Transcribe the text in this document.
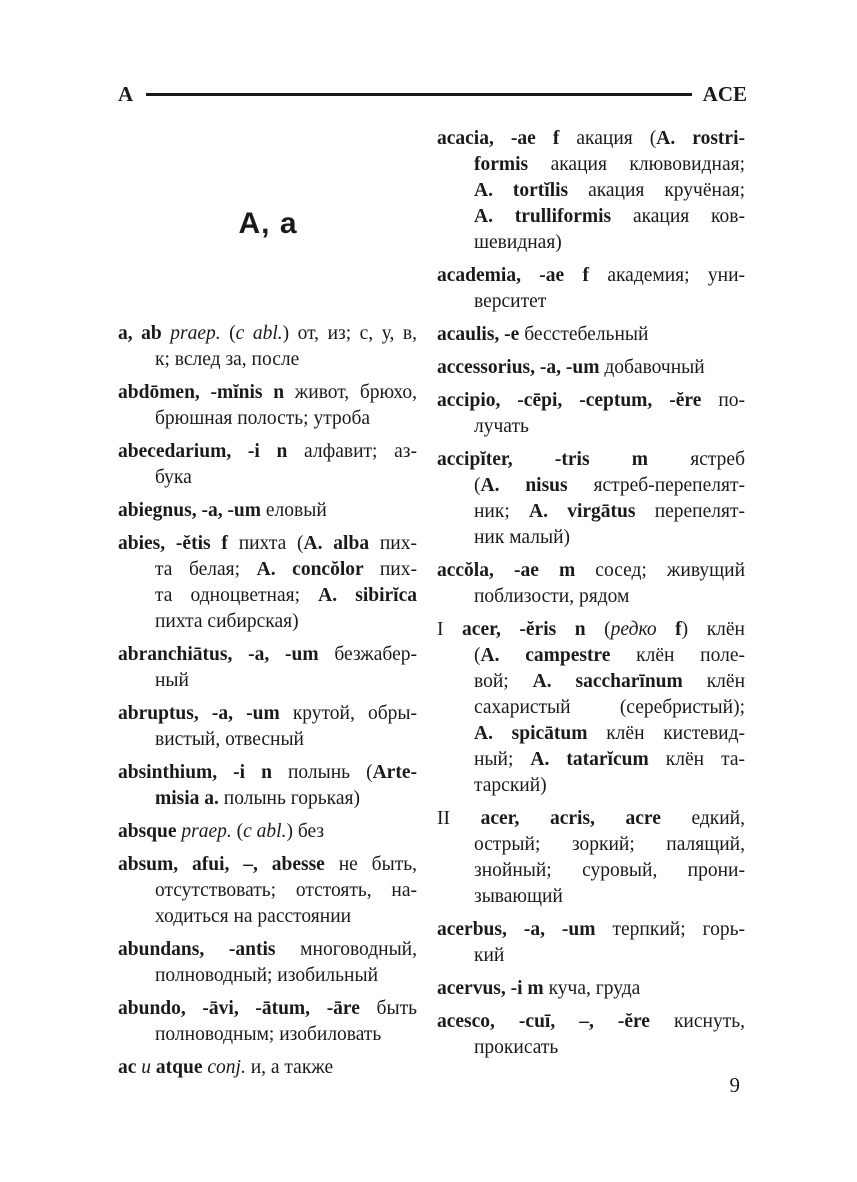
A	ACE
A, a
a, ab praep. (c abl.) от, из; с, у, в,
к; вслед за, после
abdōmen, -mĭnis n живот, брюхо,
брюшная полость; утроба
abecedarium, -i n алфавит; аз-
бука
abiegnus, -a, -um еловый
abies, -ĕtis f пихта (A. alba пих-
та белая; A. concŏlor пих-
та одноцветная; A. sibirĭca
пихта сибирская)
abranchiātus, -a, -um безжабер-
ный
abruptus, -a, -um крутой, обры-
вистый, отвесный
absinthium, -i n полынь (Arte-
misia a. полынь горькая)
absque praep. (c abl.) без
absum, afui, –, abesse не быть,
отсутствовать; отстоять, на-
ходиться на расстоянии
abundans, -antis многоводный,
полноводный; изобильный
abundo, -āvi, -ātum, -āre быть
полноводным; изобиловать
ac и atque conj. и, а также
acacia, -ae f акация (A. rostri-
formis акация клювовидная;
A. tortĭlis акация кручёная;
A. trulliformis акация ков-
шевидная)
academia, -ae f академия; уни-
верситет
acaulis, -e бесстебельный
accessorius, -a, -um добавочный
accipio, -cēpi, -ceptum, -ĕre по-
лучать
accipĭter, -tris m ястреб
(A. nisus ястреб-перепелят-
ник; A. virgātus перепелят-
ник малый)
accŏla, -ae m сосед; живущий
поблизости, рядом
I acer, -ĕris n (редко f) клён
(A. campestre клён поле-
вой; A. saccharīnum клён
сахаристый (серебристый);
A. spicātum клён кистевид-
ный; A. tatarĭcum клён та-
тарский)
II acer, acris, acre едкий,
острый; зоркий; палящий,
знойный; суровый, прони-
зывающий
acerbus, -a, -um терпкий; горь-
кий
acervus, -i m куча, груда
acesco, -cuī, –, -ĕre киснуть,
прокисать
9
